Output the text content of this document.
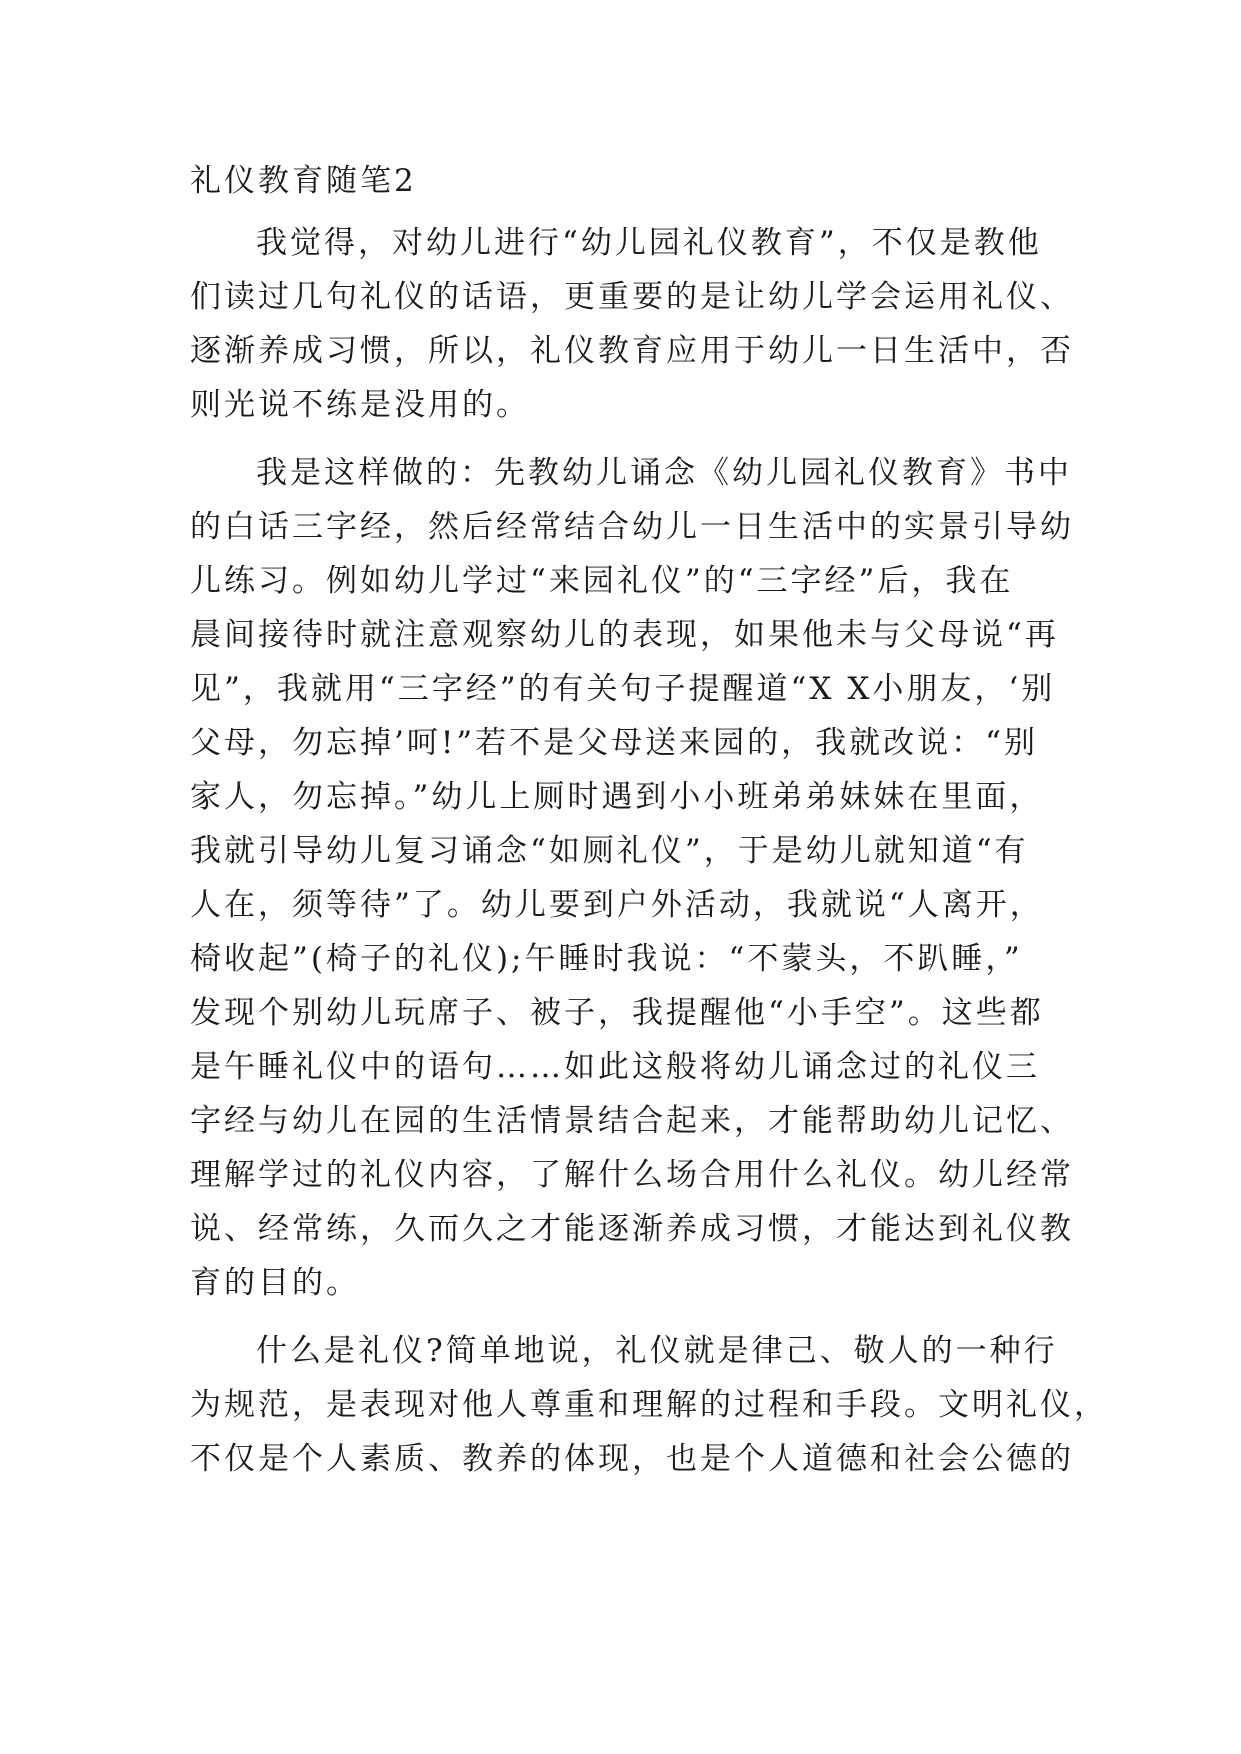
礼仪教育随笔2
我觉得，对幼儿进行“幼儿园礼仪教育”，不仅是教他
们读过几句礼仪的话语，更重要的是让幼儿学会运用礼仪、
逐渐养成习惯，所以，礼仪教育应用于幼儿一日生活中，否
则光说不练是没用的。
我是这样做的：先教幼儿诵念《幼儿园礼仪教育》书中
的白话三字经，然后经常结合幼儿一日生活中的实景引导幼
儿练习。例如幼儿学过“来园礼仪”的“三字经”后，我在
晨间接待时就注意观察幼儿的表现，如果他未与父母说“再
见”，我就用“三字经”的有关句子提醒道“X X小朋友，‘别
父母，勿忘掉’呵!”若不是父母送来园的，我就改说：“别
家人，勿忘掉。”幼儿上厕时遇到小小班弟弟妹妹在里面，
我就引导幼儿复习诵念“如厕礼仪”，于是幼儿就知道“有
人在，须等待”了。幼儿要到户外活动，我就说“人离开，
椅收起”(椅子的礼仪);午睡时我说：“不蒙头，不趴睡，”
发现个别幼儿玩席子、被子，我提醒他“小手空”。这些都
是午睡礼仪中的语句……如此这般将幼儿诵念过的礼仪三
字经与幼儿在园的生活情景结合起来，才能帮助幼儿记忆、
理解学过的礼仪内容，了解什么场合用什么礼仪。幼儿经常
说、经常练，久而久之才能逐渐养成习惯，才能达到礼仪教
育的目的。
什么是礼仪?简单地说，礼仪就是律己、敬人的一种行
为规范，是表现对他人尊重和理解的过程和手段。文明礼仪，
不仅是个人素质、教养的体现，也是个人道德和社会公德的
